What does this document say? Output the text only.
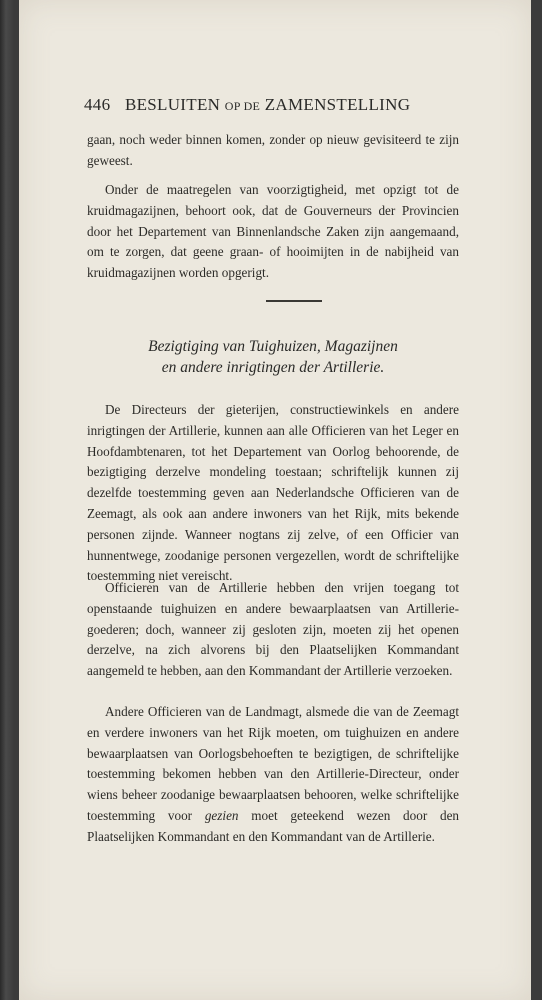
446 BESLUITEN OP DE ZAMENSTELLING

gaan, noch weder binnen komen, zonder op nieuw gevisiteerd te zijn geweest.

Onder de maatregelen van voorzigtigheid, met opzigt tot de kruidmagazijnen, behoort ook, dat de Gouverneurs der Provincien door het Departement van Binnenlandsche Zaken zijn aangemaand, om te zorgen, dat geene graan- of hooimijten in de nabijheid van kruidmagazijnen worden opgerigt.

Bezigtiging van Tuighuizen, Magazijnen
en andere inrigtingen der Artillerie.

De Directeurs der gieterijen, constructiewinkels en andere inrigtingen der Artillerie, kunnen aan alle Officieren van het Leger en Hoofdambtenaren, tot het Departement van Oorlog behoorende, de bezigtiging derzelve mondeling toestaan; schriftelijk kunnen zij dezelfde toestemming geven aan Nederlandsche Officieren van de Zeemagt, als ook aan andere inwoners van het Rijk, mits bekende personen zijnde. Wanneer nogtans zij zelve, of een Officier van hunnentwege, zoodanige personen vergezellen, wordt de schriftelijke toestemming niet vereischt.

Officieren van de Artillerie hebben den vrijen toegang tot openstaande tuighuizen en andere bewaarplaatsen van Artillerie-goederen; doch, wanneer zij gesloten zijn, moeten zij het openen derzelve, na zich alvorens bij den Plaatselijken Kommandant aangemeld te hebben, aan den Kommandant der Artillerie verzoeken.

Andere Officieren van de Landmagt, alsmede die van de Zeemagt en verdere inwoners van het Rijk moeten, om tuighuizen en andere bewaarplaatsen van Oorlogsbehoeften te bezigtigen, de schriftelijke toestemming bekomen hebben van den Artillerie-Directeur, onder wiens beheer zoodanige bewaarplaatsen behooren, welke schriftelijke toestemming voor gezien moet geteekend wezen door den Plaatselijken Kommandant en den Kommandant van de Artillerie.
